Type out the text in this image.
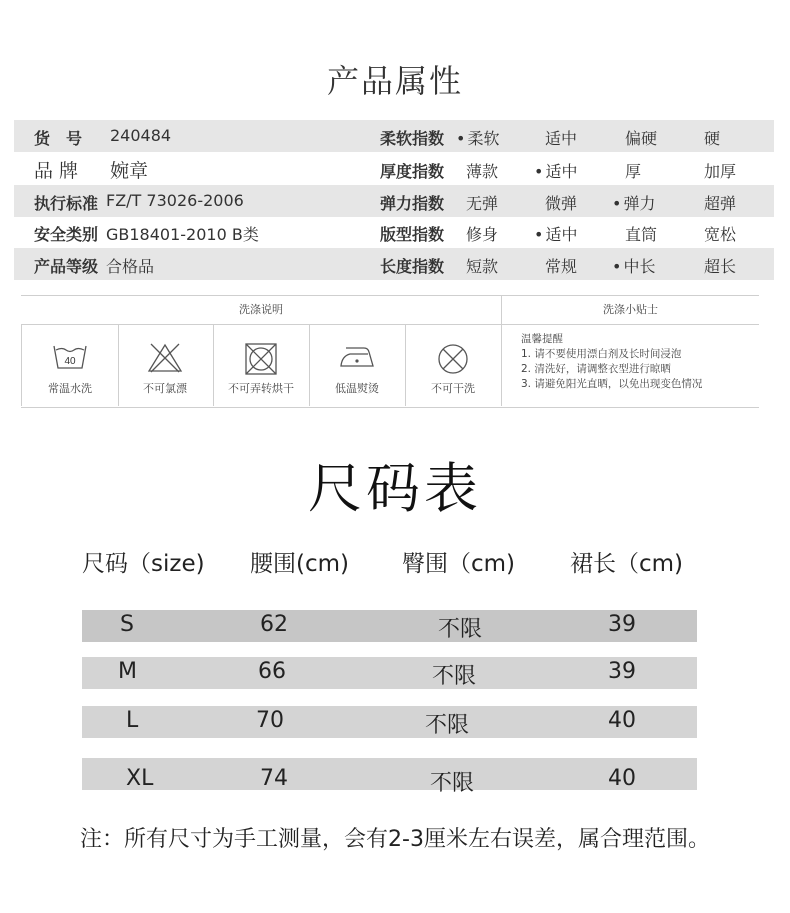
产品属性
货　号 240484	柔软指数	• 柔软	适中	偏硬	硬
品 牌 婉章	厚度指数 薄款	• 适中	厚	加厚
执行标准 FZ/T 73026-2006	弹力指数 无弹	微弹	• 弹力	超弹
安全类别 GB18401-2010 B类	版型指数 修身	• 适中	直筒	宽松
产品等级 合格品	长度指数 短款	常规	• 中长	超长
洗涤说明	洗涤小贴士
40
常温水洗	不可氯漂	不可弄转烘干	低温熨烫	不可干洗
温馨提醒
1. 请不要使用漂白剂及长时间浸泡
2. 清洗好，请调整衣型进行晾晒
3. 请避免阳光直晒，以免出现变色情况
尺码表
尺码（size) 腰围(cm) 臀围（cm) 裙长（cm)
S	62	不限	39
M	66	不限	39
L	70	不限	40
XL	74	不限	40
注：所有尺寸为手工测量，会有2-3厘米左右误差，属合理范围。
